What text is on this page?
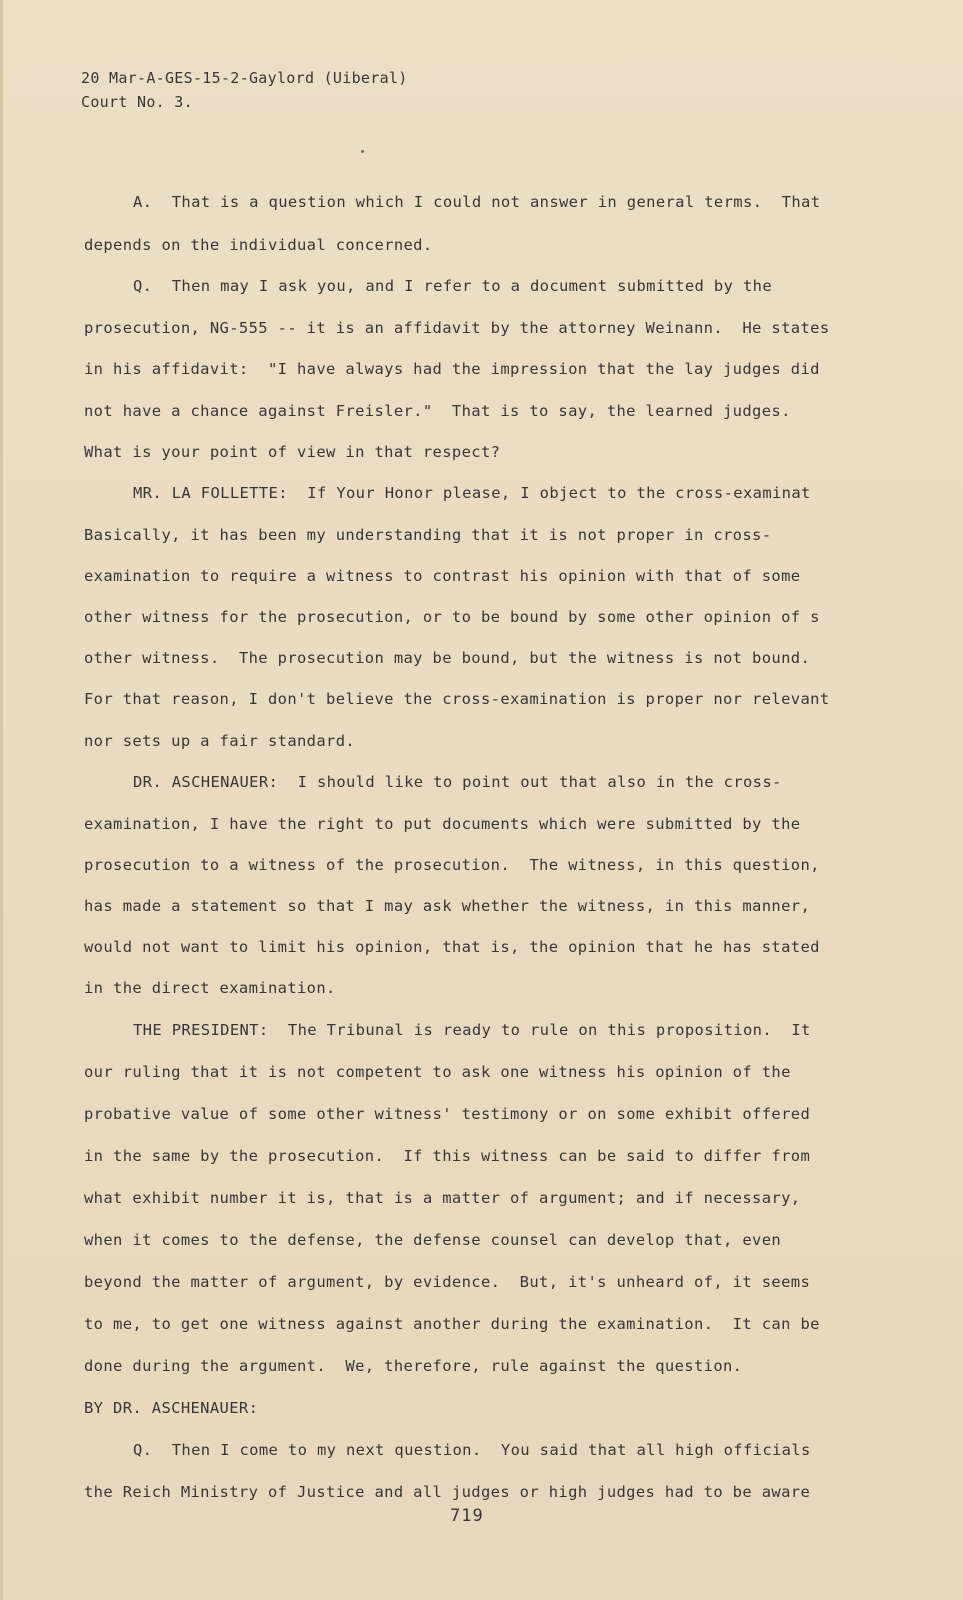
20 Mar-A-GES-15-2-Gaylord (Uiberal)
Court No. 3.
A.  That is a question which I could not answer in general terms.  That
depends on the individual concerned.
Q.  Then may I ask you, and I refer to a document submitted by the
prosecution, NG-555 -- it is an affidavit by the attorney Weinann.  He states
in his affidavit:  "I have always had the impression that the lay judges did
not have a chance against Freisler."  That is to say, the learned judges.
What is your point of view in that respect?
MR. LA FOLLETTE:  If Your Honor please, I object to the cross-examinat
Basically, it has been my understanding that it is not proper in cross-
examination to require a witness to contrast his opinion with that of some
other witness for the prosecution, or to be bound by some other opinion of s
other witness.  The prosecution may be bound, but the witness is not bound.
For that reason, I don't believe the cross-examination is proper nor relevant
nor sets up a fair standard.
DR. ASCHENAUER:  I should like to point out that also in the cross-
examination, I have the right to put documents which were submitted by the
prosecution to a witness of the prosecution.  The witness, in this question,
has made a statement so that I may ask whether the witness, in this manner,
would not want to limit his opinion, that is, the opinion that he has stated
in the direct examination.
THE PRESIDENT:  The Tribunal is ready to rule on this proposition.  It
our ruling that it is not competent to ask one witness his opinion of the
probative value of some other witness' testimony or on some exhibit offered
in the same by the prosecution.  If this witness can be said to differ from
what exhibit number it is, that is a matter of argument; and if necessary,
when it comes to the defense, the defense counsel can develop that, even
beyond the matter of argument, by evidence.  But, it's unheard of, it seems
to me, to get one witness against another during the examination.  It can be
done during the argument.  We, therefore, rule against the question.
BY DR. ASCHENAUER:
Q.  Then I come to my next question.  You said that all high officials
the Reich Ministry of Justice and all judges or high judges had to be aware
719
